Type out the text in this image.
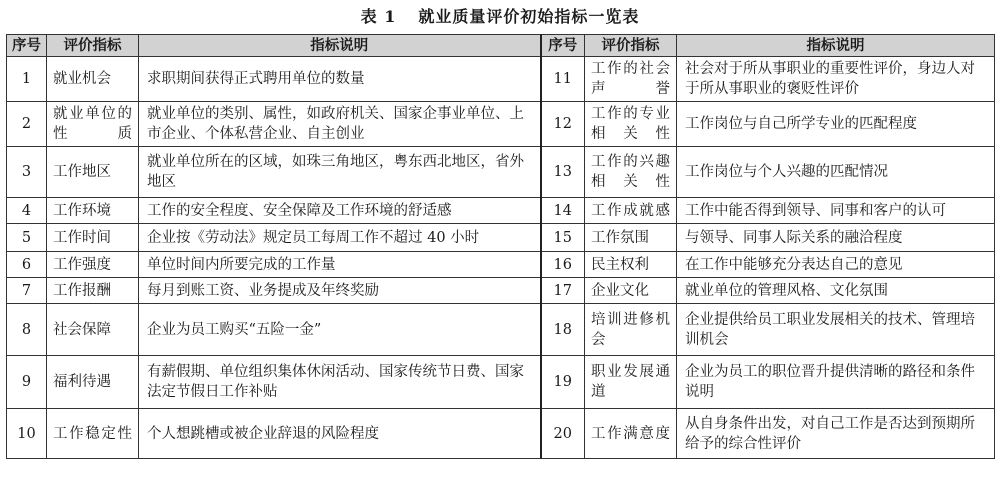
表 1 就业质量评价初始指标一览表
序号	评价指标	指标说明	序号	评价指标	指标说明
1	就业机会	求职期间获得正式聘用单位的数量	11	工作的社会声誉	社会对于所从事职业的重要性评价，身边人对于所从事职业的褒贬性评价
2	就业单位的性质	就业单位的类别、属性，如政府机关、国家企事业单位、上市企业、个体私营企业、自主创业	12	工作的专业相关性	工作岗位与自己所学专业的匹配程度
3	工作地区	就业单位所在的区域，如珠三角地区，粤东西北地区，省外地区	13	工作的兴趣相关性	工作岗位与个人兴趣的匹配情况
4	工作环境	工作的安全程度、安全保障及工作环境的舒适感	14	工作成就感	工作中能否得到领导、同事和客户的认可
5	工作时间	企业按《劳动法》规定员工每周工作不超过 40 小时	15	工作氛围	与领导、同事人际关系的融洽程度
6	工作强度	单位时间内所要完成的工作量	16	民主权利	在工作中能够充分表达自己的意见
7	工作报酬	每月到账工资、业务提成及年终奖励	17	企业文化	就业单位的管理风格、文化氛围
8	社会保障	企业为员工购买“五险一金”	18	培训进修机会	企业提供给员工职业发展相关的技术、管理培训机会
9	福利待遇	有薪假期、单位组织集体休闲活动、国家传统节日费、国家法定节假日工作补贴	19	职业发展通道	企业为员工的职位晋升提供清晰的路径和条件说明
10	工作稳定性	个人想跳槽或被企业辞退的风险程度	20	工作满意度	从自身条件出发，对自己工作是否达到预期所给予的综合性评价
